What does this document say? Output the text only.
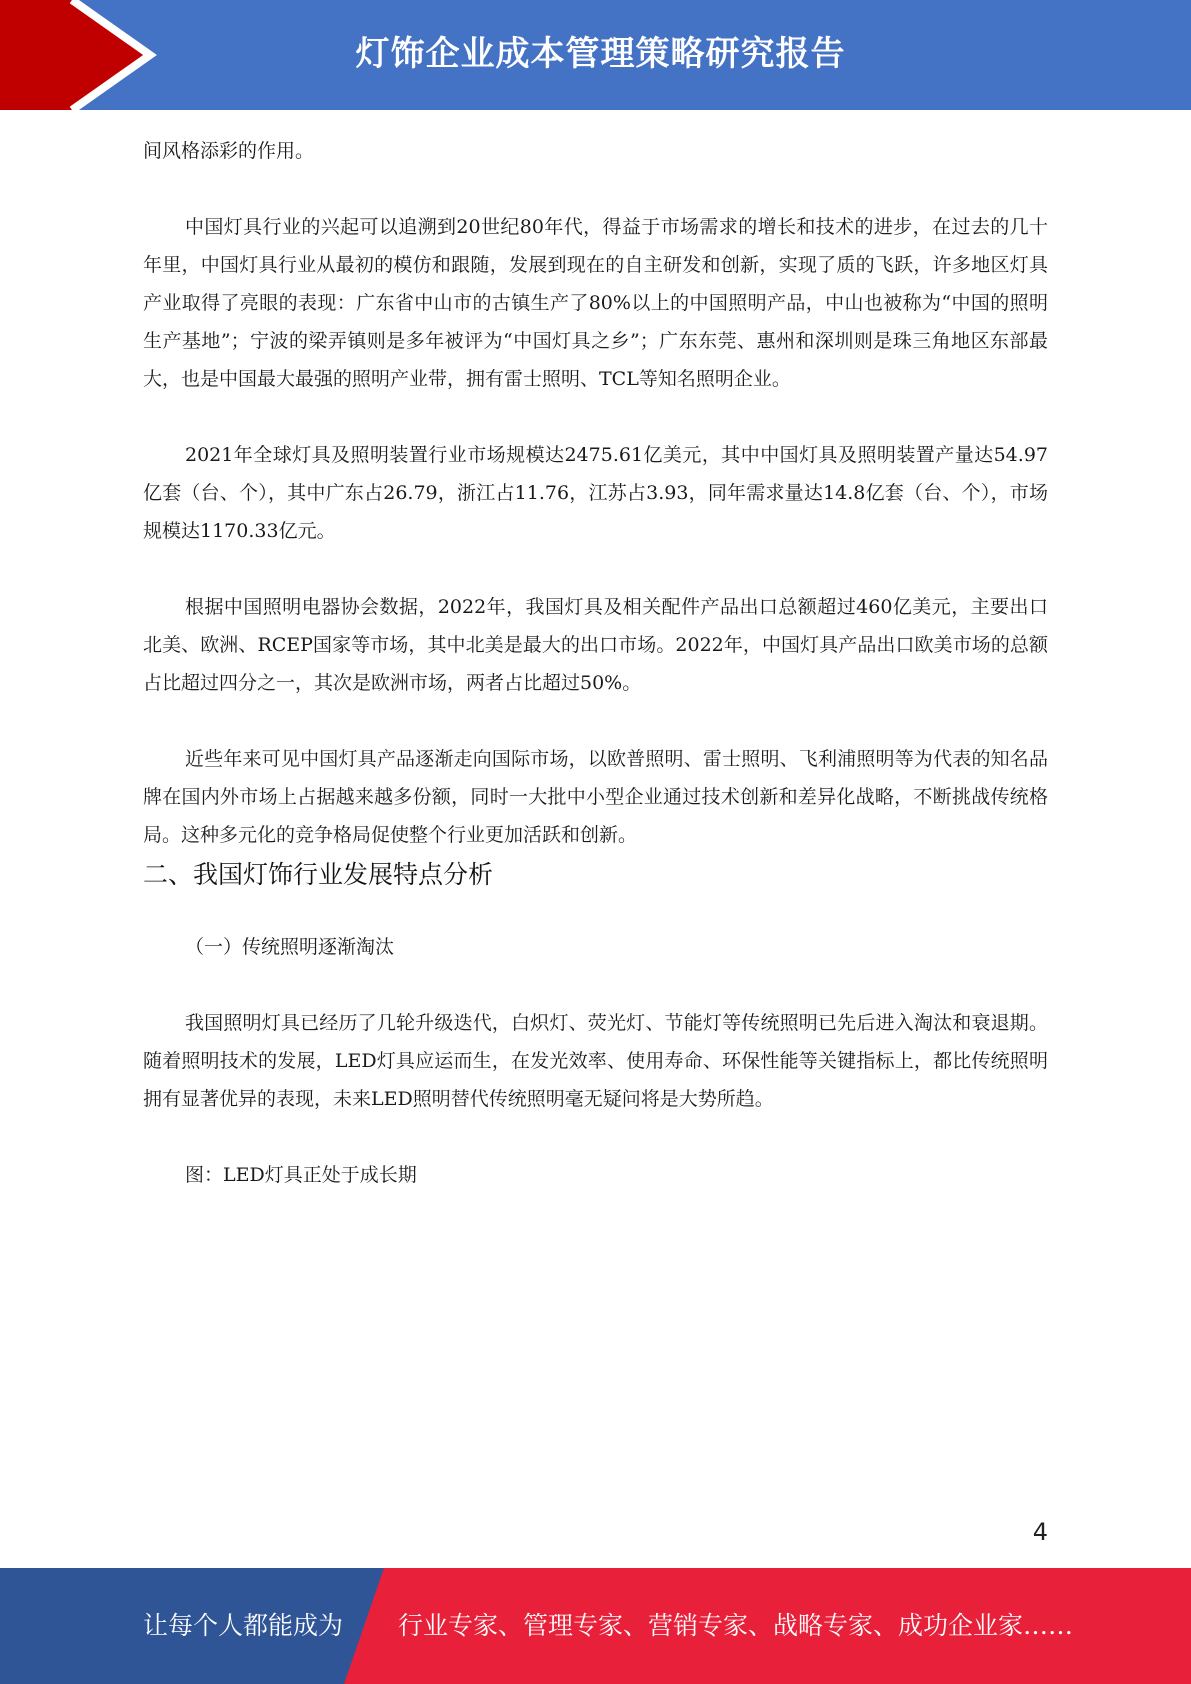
灯饰企业成本管理策略研究报告

间风格添彩的作用。

中国灯具行业的兴起可以追溯到20世纪80年代，得益于市场需求的增长和技术的进步，在过去的几十年里，中国灯具行业从最初的模仿和跟随，发展到现在的自主研发和创新，实现了质的飞跃，许多地区灯具产业取得了亮眼的表现：广东省中山市的古镇生产了80%以上的中国照明产品，中山也被称为“中国的照明生产基地”；宁波的梁弄镇则是多年被评为“中国灯具之乡”；广东东莞、惠州和深圳则是珠三角地区东部最大，也是中国最大最强的照明产业带，拥有雷士照明、TCL等知名照明企业。

2021年全球灯具及照明装置行业市场规模达2475.61亿美元，其中中国灯具及照明装置产量达54.97亿套（台、个），其中广东占26.79，浙江占11.76，江苏占3.93，同年需求量达14.8亿套（台、个），市场规模达1170.33亿元。

根据中国照明电器协会数据，2022年，我国灯具及相关配件产品出口总额超过460亿美元，主要出口北美、欧洲、RCEP国家等市场，其中北美是最大的出口市场。2022年，中国灯具产品出口欧美市场的总额占比超过四分之一，其次是欧洲市场，两者占比超过50%。

近些年来可见中国灯具产品逐渐走向国际市场，以欧普照明、雷士照明、飞利浦照明等为代表的知名品牌在国内外市场上占据越来越多份额，同时一大批中小型企业通过技术创新和差异化战略，不断挑战传统格局。这种多元化的竞争格局促使整个行业更加活跃和创新。

二、我国灯饰行业发展特点分析

（一）传统照明逐渐淘汰

我国照明灯具已经历了几轮升级迭代，白炽灯、荧光灯、节能灯等传统照明已先后进入淘汰和衰退期。随着照明技术的发展，LED灯具应运而生，在发光效率、使用寿命、环保性能等关键指标上，都比传统照明拥有显著优异的表现，未来LED照明替代传统照明毫无疑问将是大势所趋。

图：LED灯具正处于成长期

4
让每个人都能成为 行业专家、管理专家、营销专家、战略专家、成功企业家……
